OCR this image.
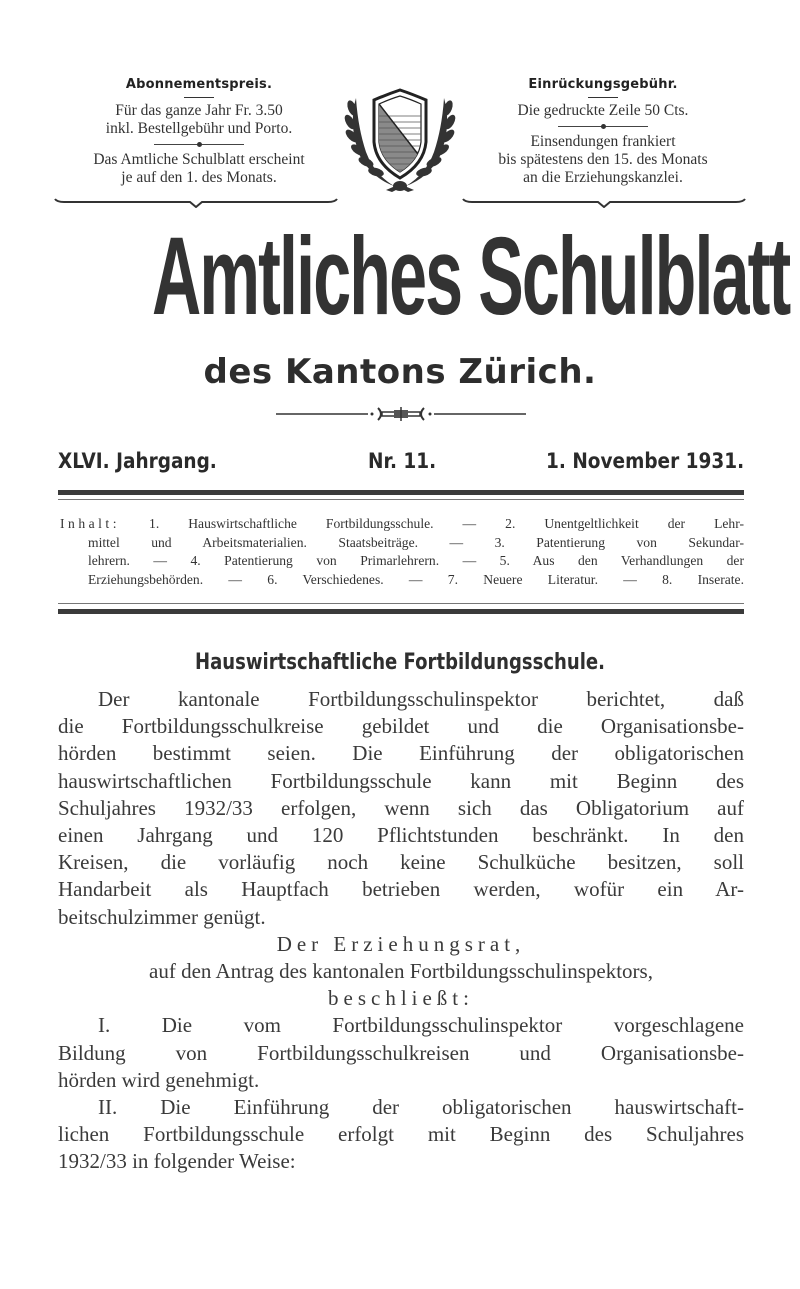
Abonnementspreis.
Für das ganze Jahr Fr. 3.50
inkl. Bestellgebühr und Porto.
Das Amtliche Schulblatt erscheint
je auf den 1. des Monats.
Einrückungsgebühr.
Die gedruckte Zeile 50 Cts.
Einsendungen frankiert
bis spätestens den 15. des Monats
an die Erziehungskanzlei.
Amtliches Schulblatt
des Kantons Zürich.
XLVI. Jahrgang.	Nr. 11.	1. November 1931.

Inhalt: 1. Hauswirtschaftliche Fortbildungsschule. — 2. Unentgeltlichkeit der Lehr-

mittel und Arbeitsmaterialien. Staatsbeiträge. — 3. Patentierung von Sekundar-

lehrern. — 4. Patentierung von Primarlehrern. — 5. Aus den Verhandlungen der

Erziehungsbehörden. — 6. Verschiedenes. — 7. Neuere Literatur. — 8. Inserate.

Hauswirtschaftliche Fortbildungsschule.

Der kantonale Fortbildungsschulinspektor berichtet, daß

die Fortbildungsschulkreise gebildet und die Organisationsbe-

hörden bestimmt seien. Die Einführung der obligatorischen

hauswirtschaftlichen Fortbildungsschule kann mit Beginn des

Schuljahres 1932/33 erfolgen, wenn sich das Obligatorium auf

einen Jahrgang und 120 Pflichtstunden beschränkt. In den

Kreisen, die vorläufig noch keine Schulküche besitzen, soll

Handarbeit als Hauptfach betrieben werden, wofür ein Ar-

beitschulzimmer genügt.

Der Erziehungsrat,

auf den Antrag des kantonalen Fortbildungsschulinspektors,

beschließt:

I. Die vom Fortbildungsschulinspektor vorgeschlagene

Bildung von Fortbildungsschulkreisen und Organisationsbe-

hörden wird genehmigt.

II. Die Einführung der obligatorischen hauswirtschaft-

lichen Fortbildungsschule erfolgt mit Beginn des Schuljahres

1932/33 in folgender Weise:
